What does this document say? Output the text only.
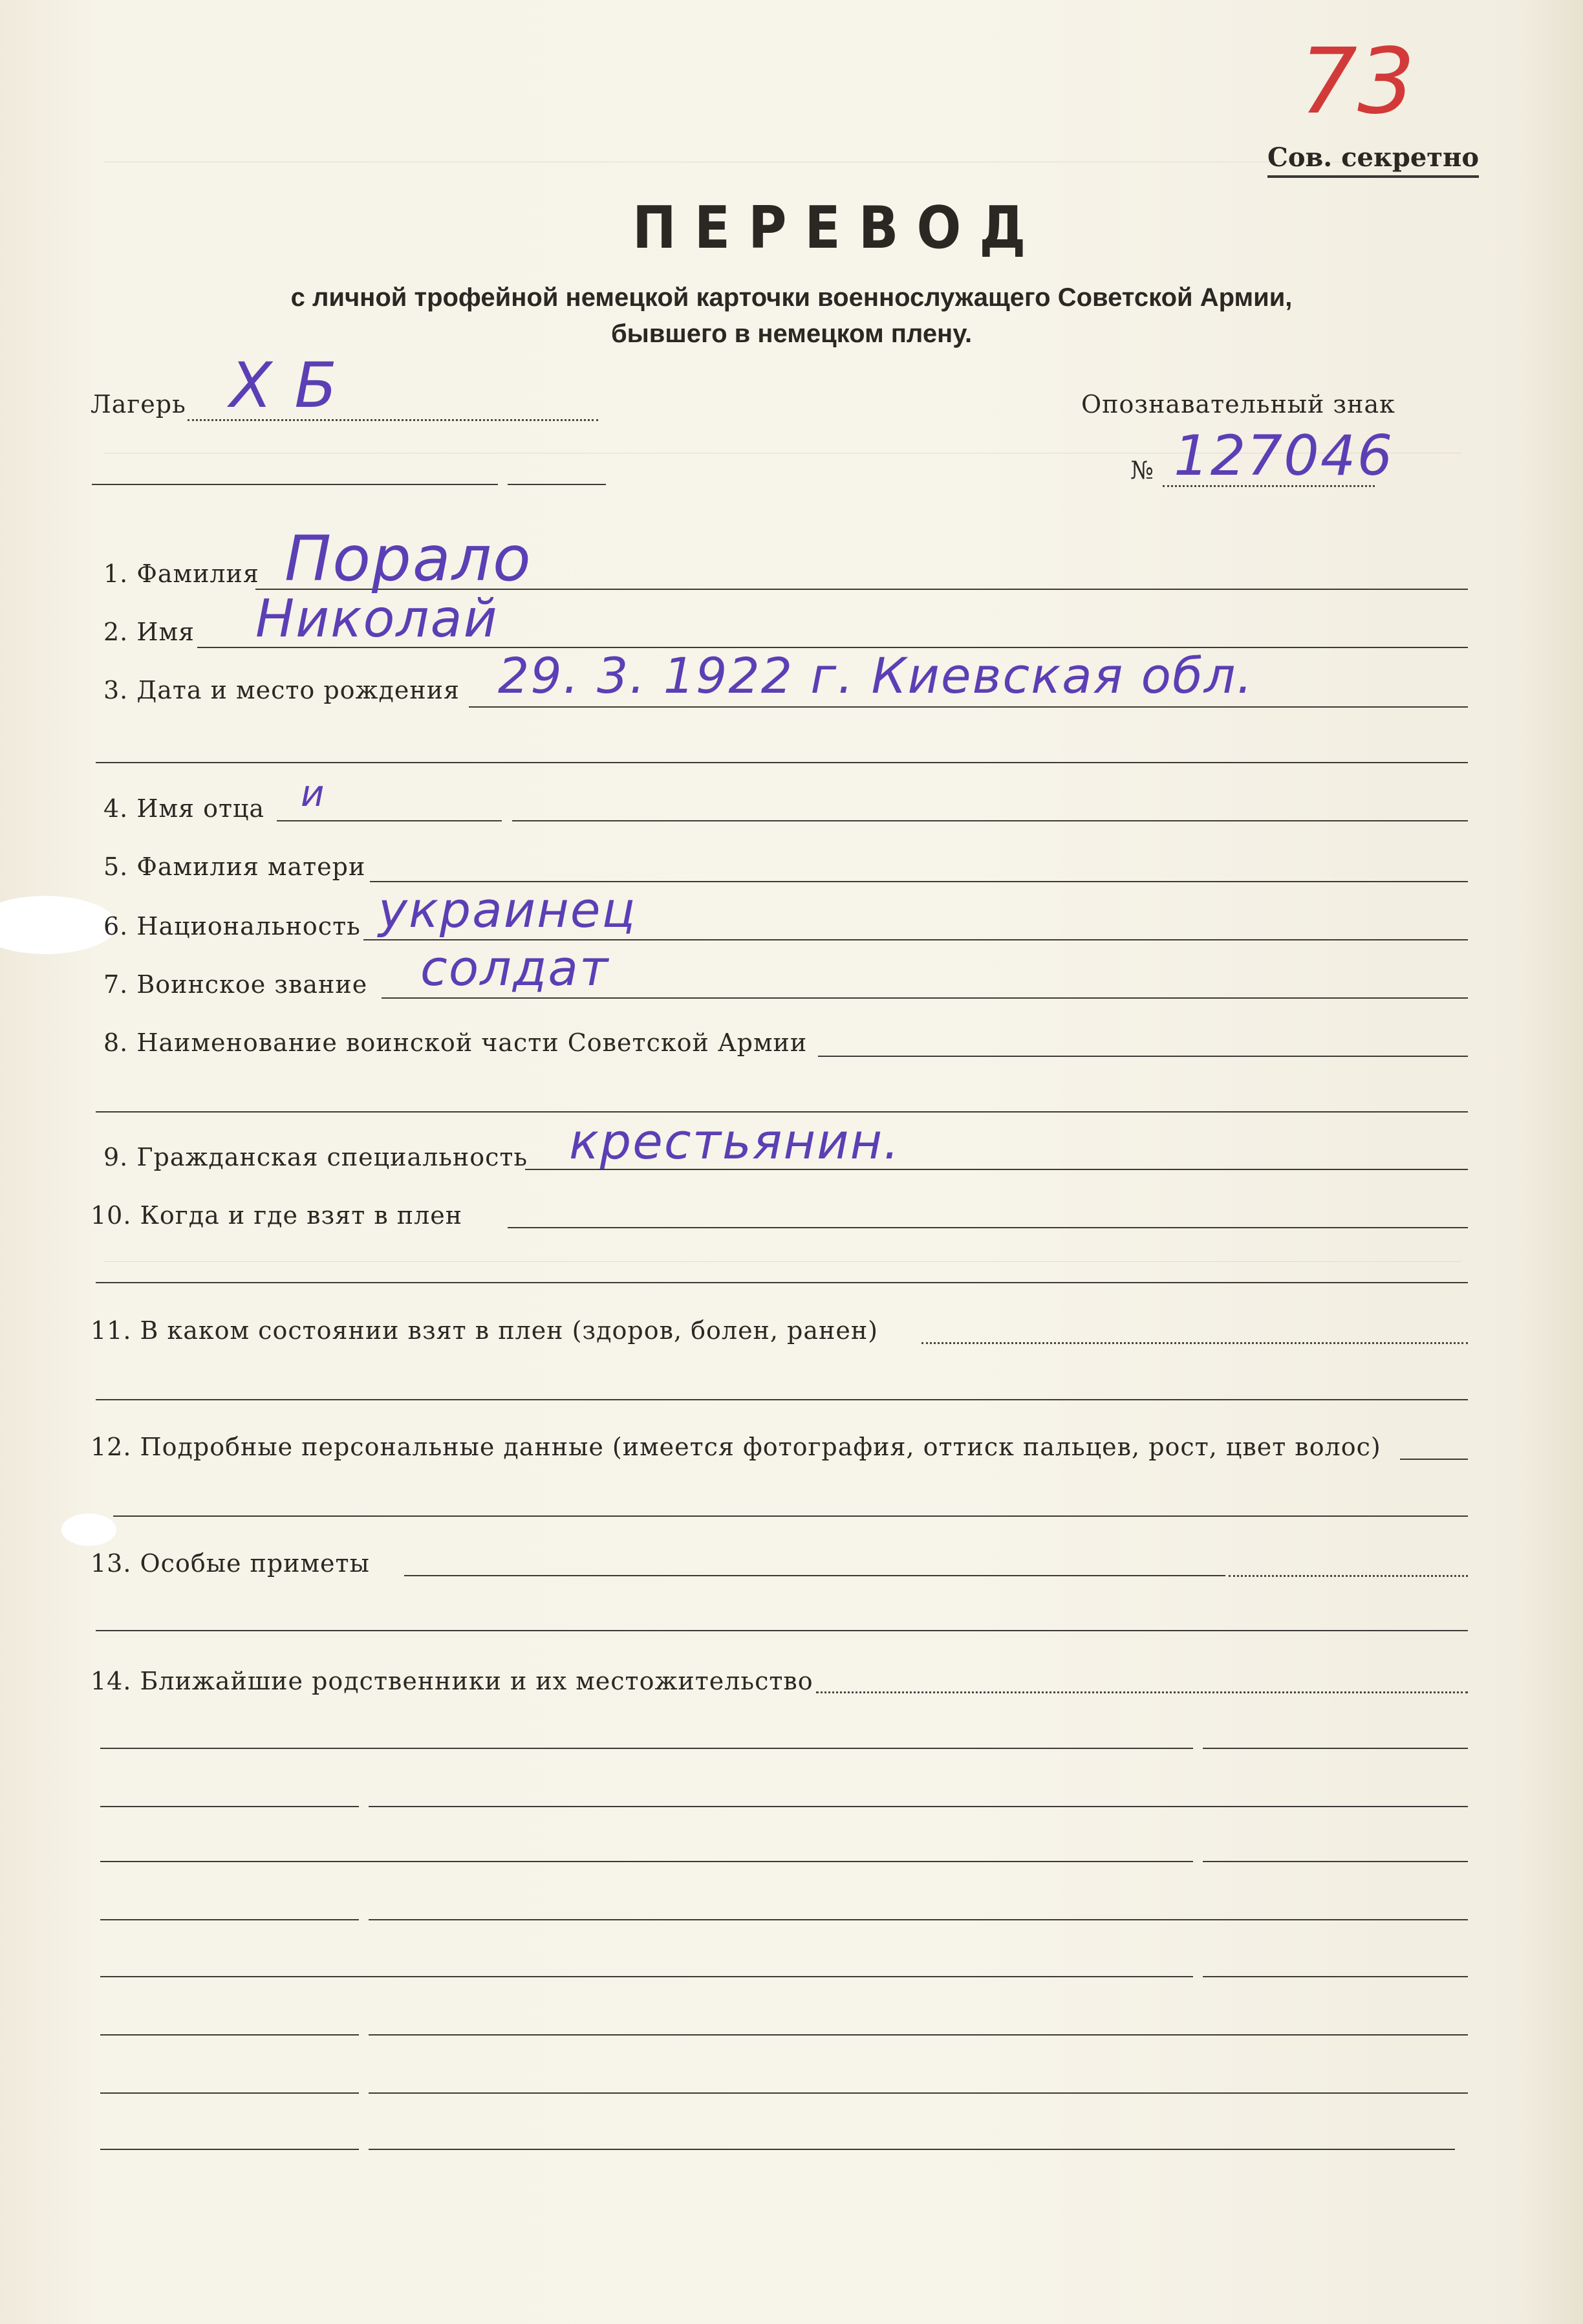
73
Сов. секретно
ПЕРЕВОД
с личной трофейной немецкой карточки военнослужащего Советской Армии,
бывшего в немецком плену.
Лагерь Х Б	Опознавательный знак
№ 127046
1. Фамилия Порало
2. Имя Николай
3. Дата и место рождения 29. 3. 1922 г. Киевская обл.
4. Имя отца и
5. Фамилия матери
6. Национальность украинец
7. Воинское звание солдат
8. Наименование воинской части Советской Армии
9. Гражданская специальность крестьянин.
10. Когда и где взят в плен
11. В каком состоянии взят в плен (здоров, болен, ранен)
12. Подробные персональные данные (имеется фотография, оттиск пальцев, рост, цвет волос)
13. Особые приметы
14. Ближайшие родственники и их местожительство
